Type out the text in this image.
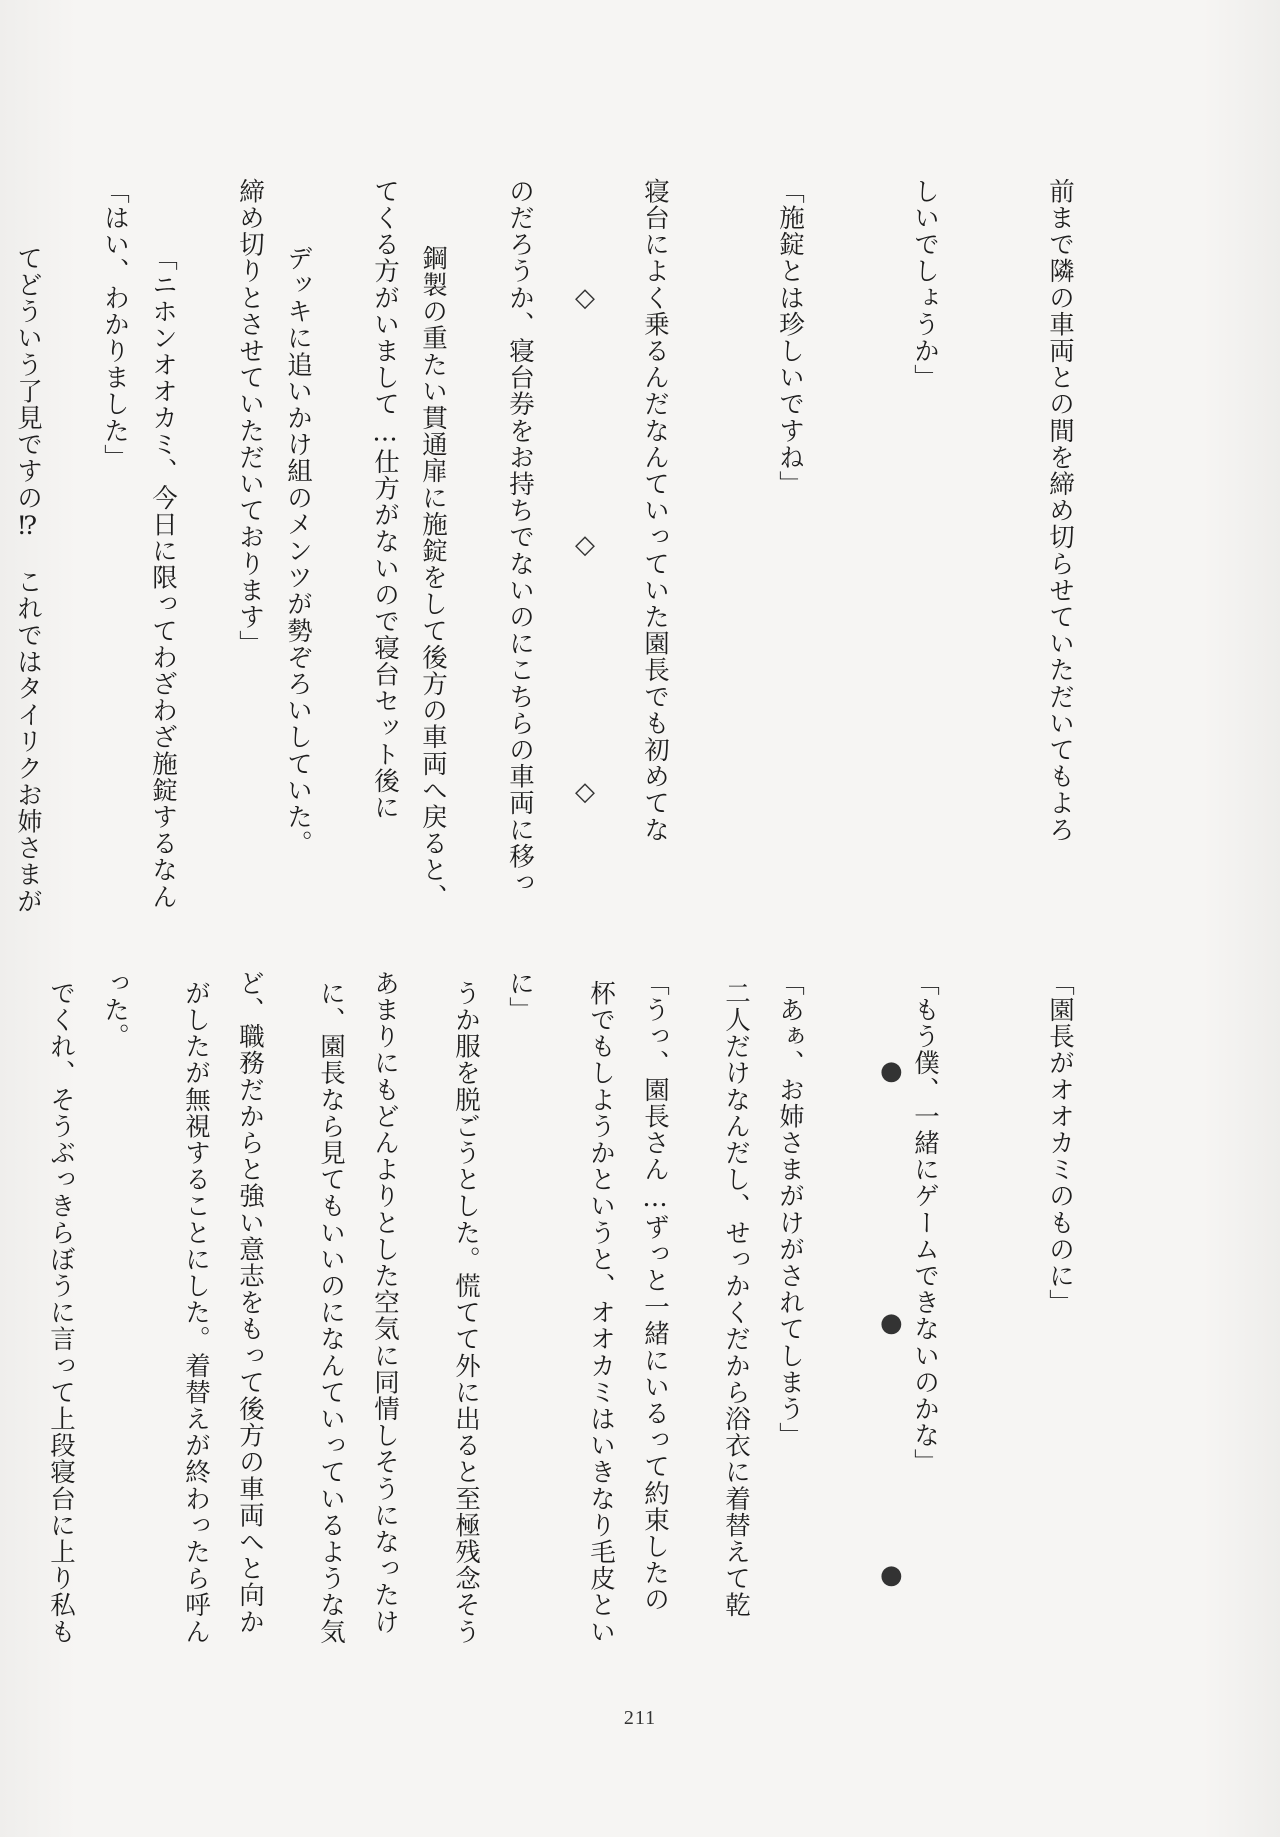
前まで隣の車両との間を締め切らせていただいてもよろ

しいでしょうか」

「施錠とは珍しいですね」

寝台によく乗るんだなんていっていた園長でも初めてな

のだろうか、寝台券をお持ちでないのにこちらの車両に移っ

てくる方がいまして…仕方がないので寝台セット後に

締め切りとさせていただいております」

「はい、わかりました」

	◇
◇
◇

鋼製の重たい貫通扉に施錠をして後方の車両へ戻ると、

デッキに追いかけ組のメンツが勢ぞろいしていた。

「ニホンオオカミ、今日に限ってわざわざ施錠するなん

てどういう了見ですの⁉　これではタイリクお姉さまが

「園長がオオカミのものに」

「もう僕、一緒にゲームできないのかな」

「あぁ、お姉さまがけがされてしまう」

「うっ、園長さん…ずっと一緒にいるって約束したの

に」

あまりにもどんよりとした空気に同情しそうになったけ

ど、職務だからと強い意志をもって後方の車両へと向か

った。

●
●
●

二人だけなんだし、せっかくだから浴衣に着替えて乾

杯でもしようかというと、オオカミはいきなり毛皮とい

うか服を脱ごうとした。慌てて外に出ると至極残念そう

に、園長なら見てもいいのになんていっているような気

がしたが無視することにした。着替えが終わったら呼ん

でくれ、そうぶっきらぼうに言って上段寝台に上り私も

211
